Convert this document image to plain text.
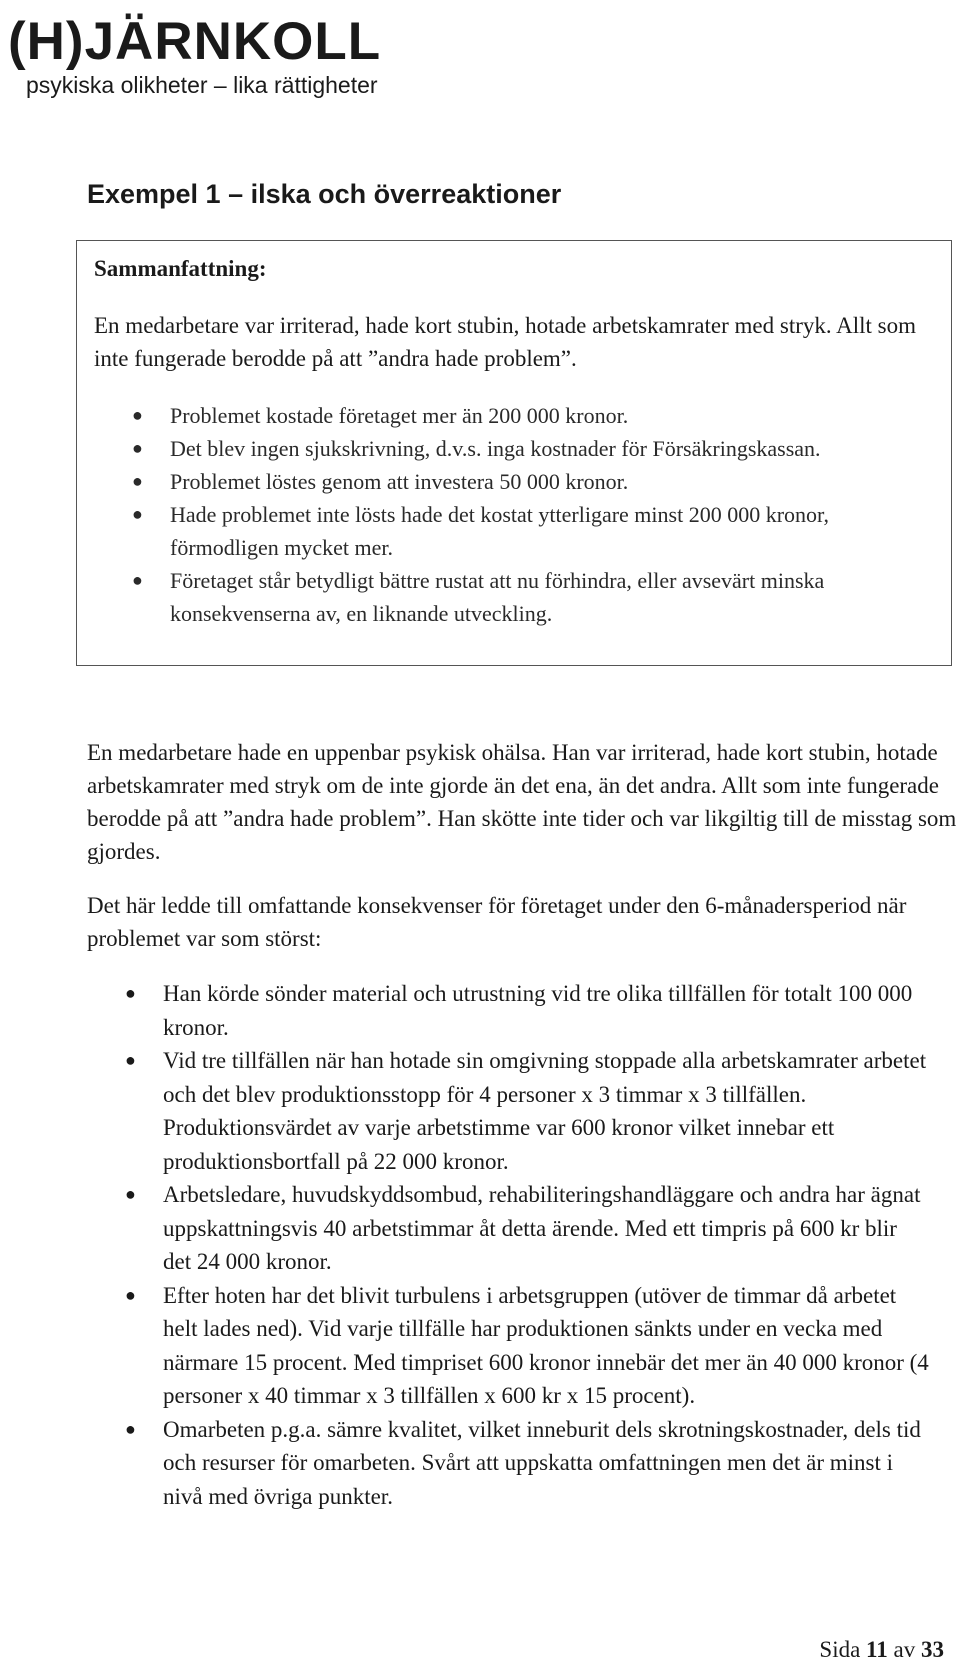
(H)JÄRNKOLL
psykiska olikheter – lika rättigheter
Exempel 1 – ilska och överreaktioner
Sammanfattning:
En medarbetare var irriterad, hade kort stubin, hotade arbetskamrater med stryk. Allt som inte fungerade berodde på att ”andra hade problem”.
● Problemet kostade företaget mer än 200 000 kronor.
● Det blev ingen sjukskrivning, d.v.s. inga kostnader för Försäkringskassan.
● Problemet löstes genom att investera 50 000 kronor.
● Hade problemet inte lösts hade det kostat ytterligare minst 200 000 kronor, förmodligen mycket mer.
● Företaget står betydligt bättre rustat att nu förhindra, eller avsevärt minska konsekvenserna av, en liknande utveckling.

En medarbetare hade en uppenbar psykisk ohälsa. Han var irriterad, hade kort stubin, hotade arbetskamrater med stryk om de inte gjorde än det ena, än det andra. Allt som inte fungerade berodde på att ”andra hade problem”. Han skötte inte tider och var likgiltig till de misstag som gjordes.

Det här ledde till omfattande konsekvenser för företaget under den 6-månadersperiod när problemet var som störst:

● Han körde sönder material och utrustning vid tre olika tillfällen för totalt 100 000 kronor.
● Vid tre tillfällen när han hotade sin omgivning stoppade alla arbetskamrater arbetet och det blev produktionsstopp för 4 personer x 3 timmar x 3 tillfällen. Produktionsvärdet av varje arbetstimme var 600 kronor vilket innebar ett produktionsbortfall på 22 000 kronor.
● Arbetsledare, huvudskyddsombud, rehabiliteringshandläggare och andra har ägnat uppskattningsvis 40 arbetstimmar åt detta ärende. Med ett timpris på 600 kr blir det 24 000 kronor.
● Efter hoten har det blivit turbulens i arbetsgruppen (utöver de timmar då arbetet helt lades ned). Vid varje tillfälle har produktionen sänkts under en vecka med närmare 15 procent. Med timpriset 600 kronor innebär det mer än 40 000 kronor (4 personer x 40 timmar x 3 tillfällen x 600 kr x 15 procent).
● Omarbeten p.g.a. sämre kvalitet, vilket inneburit dels skrotningskostnader, dels tid och resurser för omarbeten. Svårt att uppskatta omfattningen men det är minst i nivå med övriga punkter.
Sida 11 av 33
